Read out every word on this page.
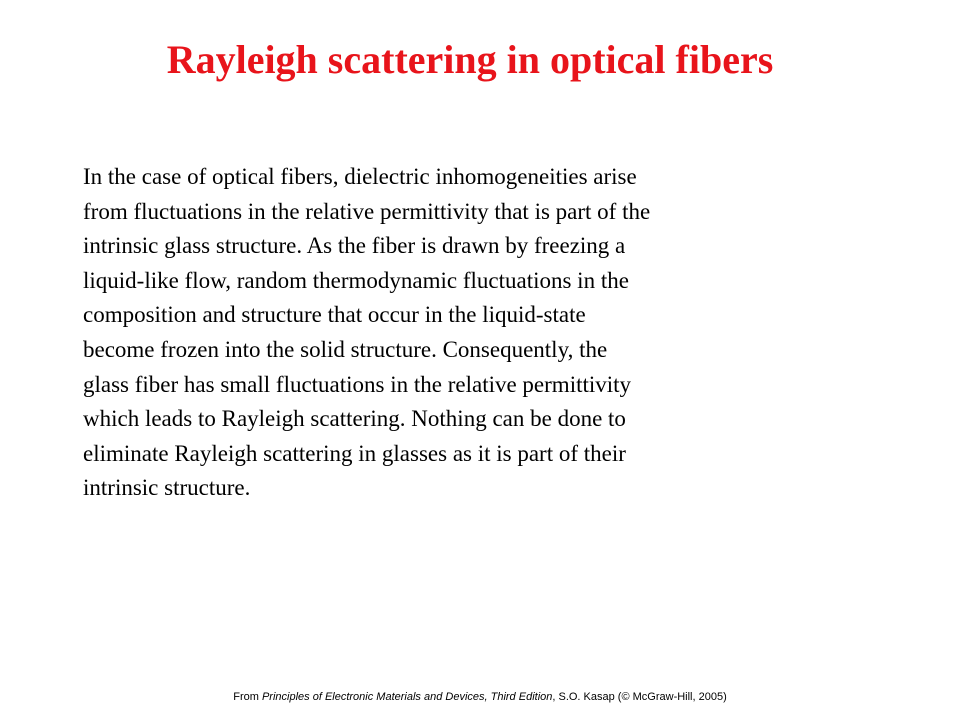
Rayleigh scattering in optical fibers
In the case of optical fibers, dielectric inhomogeneities arise
from fluctuations in the relative permittivity that is part of the
intrinsic glass structure. As the fiber is drawn by freezing a
liquid-like flow, random thermodynamic fluctuations in the
composition and structure that occur in the liquid-state
become frozen into the solid structure. Consequently, the
glass fiber has small fluctuations in the relative permittivity
which leads to Rayleigh scattering. Nothing can be done to
eliminate Rayleigh scattering in glasses as it is part of their
intrinsic structure.

From Principles of Electronic Materials and Devices, Third Edition, S.O. Kasap (© McGraw-Hill, 2005)
